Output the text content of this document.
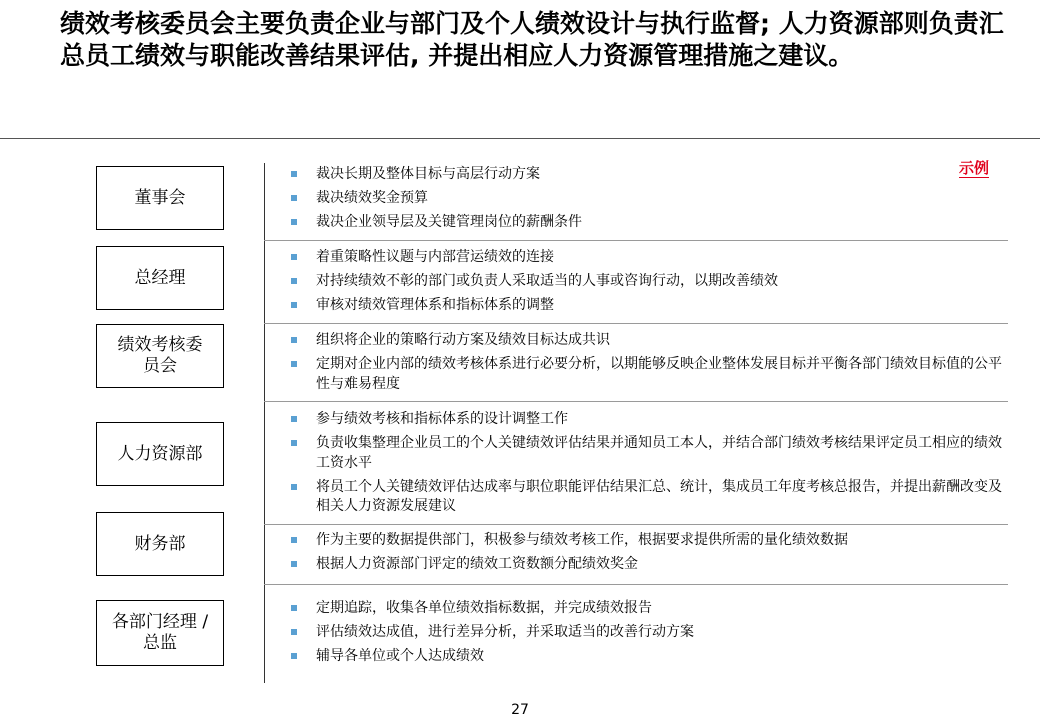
绩效考核委员会主要负责企业与部门及个人绩效设计与执行监督; 人力资源部则负责汇总员工绩效与职能改善结果评估, 并提出相应人力资源管理措施之建议。
示例
董事会
裁决长期及整体目标与高层行动方案
裁决绩效奖金预算
裁决企业领导层及关键管理岗位的薪酬条件
总经理
着重策略性议题与内部营运绩效的连接
对持续绩效不彰的部门或负责人采取适当的人事或咨询行动，以期改善绩效
审核对绩效管理体系和指标体系的调整
绩效考核委员会
组织将企业的策略行动方案及绩效目标达成共识
定期对企业内部的绩效考核体系进行必要分析，以期能够反映企业整体发展目标并平衡各部门绩效目标值的公平性与难易程度
人力资源部
参与绩效考核和指标体系的设计调整工作
负责收集整理企业员工的个人关键绩效评估结果并通知员工本人，并结合部门绩效考核结果评定员工相应的绩效工资水平
将员工个人关键绩效评估达成率与职位职能评估结果汇总、统计，集成员工年度考核总报告，并提出薪酬改变及相关人力资源发展建议
财务部	作为主要的数据提供部门，积极参与绩效考核工作，根据要求提供所需的量化绩效数据
根据人力资源部门评定的绩效工资数额分配绩效奖金
各部门经理 / 总监
定期追踪，收集各单位绩效指标数据，并完成绩效报告
评估绩效达成值，进行差异分析，并采取适当的改善行动方案
辅导各单位或个人达成绩效
27
